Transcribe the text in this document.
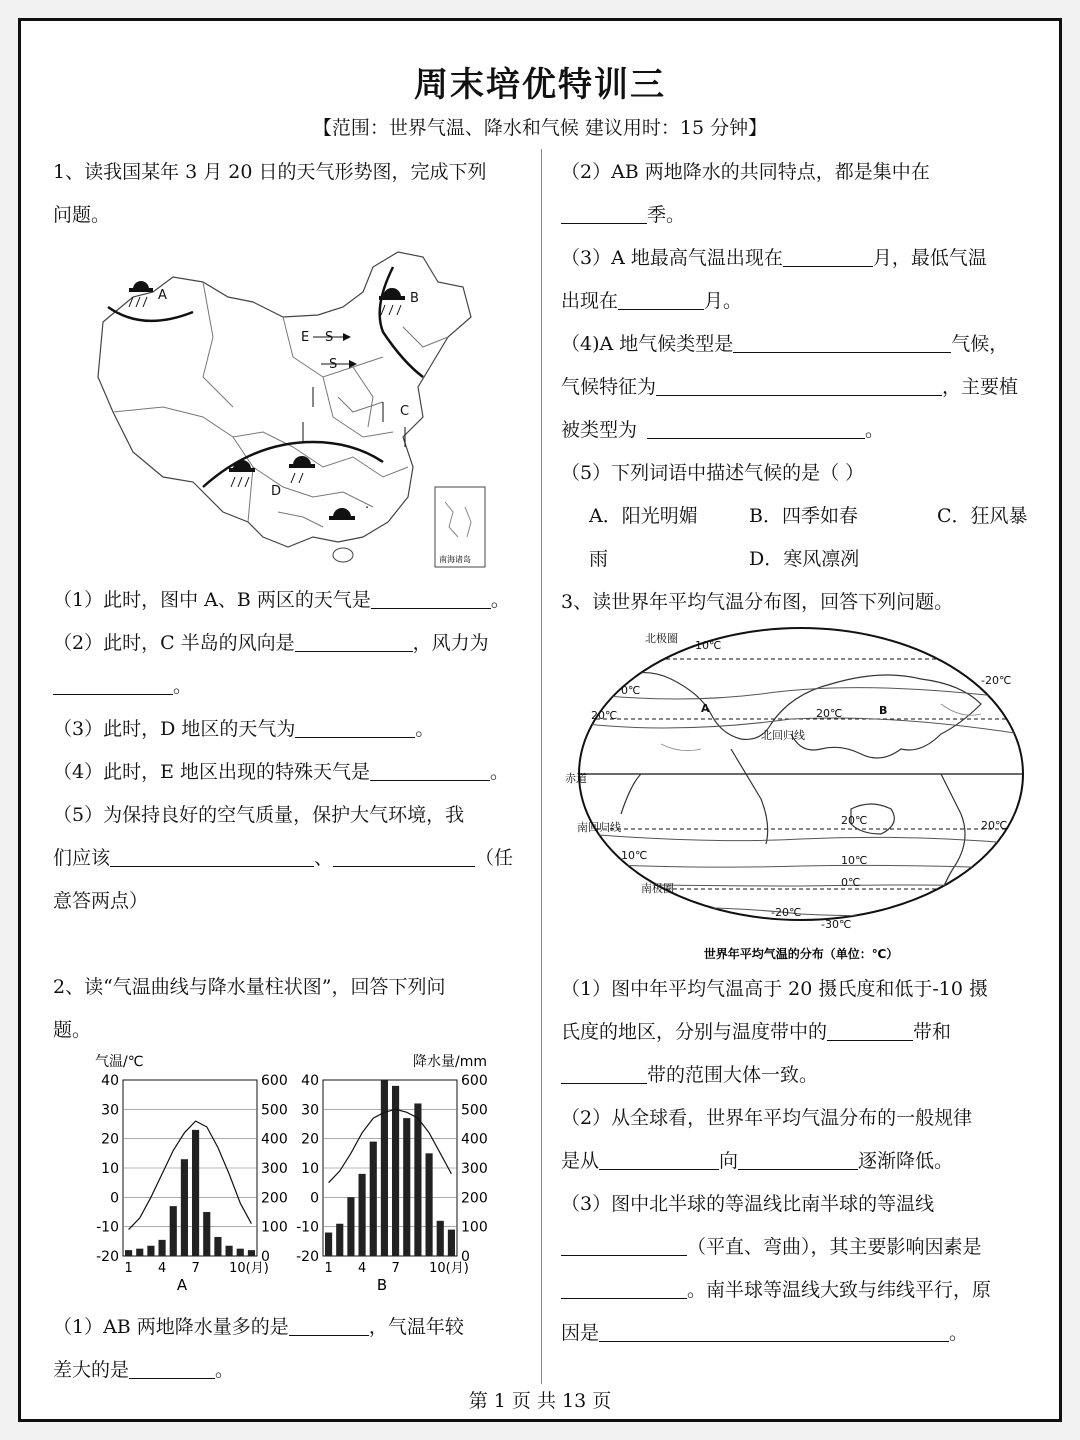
周末培优特训三
【范围：世界气温、降水和气候 建议用时：15 分钟】
1、读我国某年 3 月 20 日的天气形势图，完成下列
问题。
·
南海诸岛
A	B
C
D
E S
S
（1）此时，图中 A、B 两区的天气是	。
（2）此时，C 半岛的风向是	，风力为
。
（3）此时，D 地区的天气为	。
（4）此时，E 地区出现的特殊天气是	。
（5）为保持良好的空气质量，保护大气环境，我
们应该	、	（任
意答两点）
2、读“气温曲线与降水量柱状图”，回答下列问
题。
气温/℃	降水量/mm
40	600
30	500
20	400
10	300
0	200
-10	100
-20	0
1 4 7 10(月)
A
40	600
30	500
20	400
10	300
0	200
-10	100
-20	0
1 4 7 10(月)
B
（1）AB 两地降水量多的是	，气温年较
差大的是	。
（2）AB 两地降水的共同特点，都是集中在
季。
（3）A 地最高气温出现在	月，最低气温
出现在	月。
（4)A 地气候类型是	气候，
气候特征为	，主要植
被类型为	。
（5）下列词语中描述气候的是（ ）
A．阳光明媚	B．四季如春	C．狂风暴
雨	D．寒风凛冽
3、读世界年平均气温分布图，回答下列问题。
北极圈
北回归线
赤道
南回归线
南极圈
A	B
0℃
-10℃
-20℃
20℃	20℃
20℃	20℃
10℃	10℃
0℃
-20℃
-30℃
世界年平均气温的分布（单位：℃）
（1）图中年平均气温高于 20 摄氏度和低于-10 摄
氏度的地区，分别与温度带中的	带和
带的范围大体一致。
（2）从全球看，世界年平均气温分布的一般规律
是从	向	逐渐降低。
（3）图中北半球的等温线比南半球的等温线
（平直、弯曲），其主要影响因素是
。南半球等温线大致与纬线平行，原
因是	。
第 1 页 共 13 页
